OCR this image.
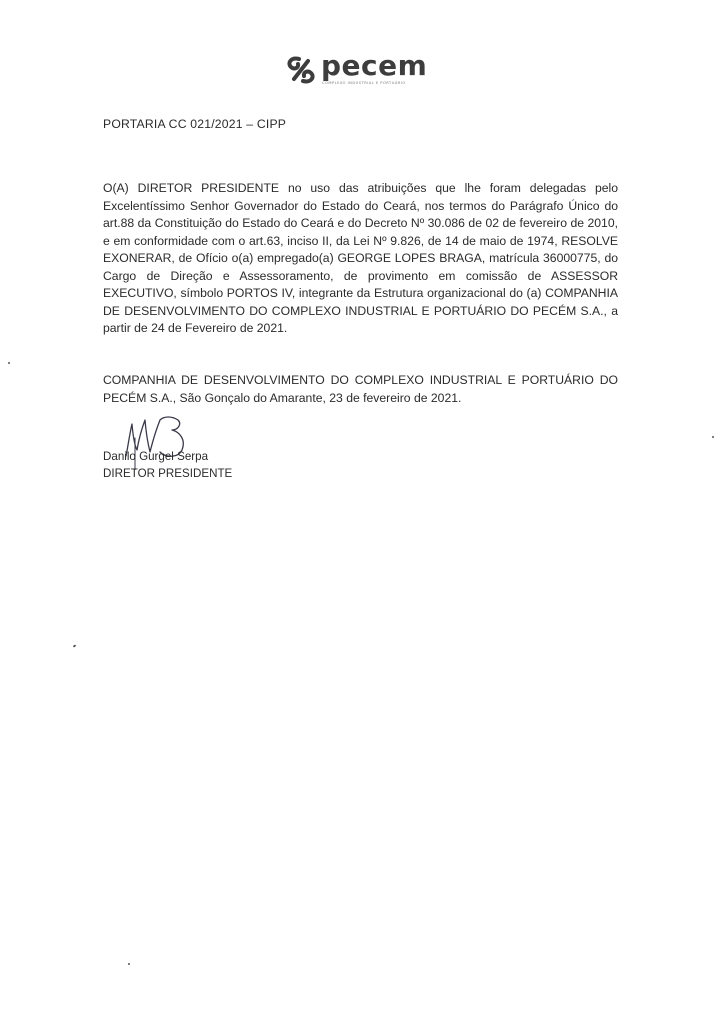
pecem
COMPLEXO INDUSTRIAL E PORTUÁRIO
PORTARIA CC 021/2021 – CIPP

O(A) DIRETOR PRESIDENTE no uso das atribuições que lhe foram delegadas pelo Excelentíssimo Senhor Governador do Estado do Ceará, nos termos do Parágrafo Único do art.88 da Constituição do Estado do Ceará e do Decreto Nº 30.086 de 02 de fevereiro de 2010, e em conformidade com o art.63, inciso II, da Lei Nº 9.826, de 14 de maio de 1974, RESOLVE EXONERAR, de Ofício o(a) empregado(a) GEORGE LOPES BRAGA, matrícula 36000775, do Cargo de Direção e Assessoramento, de provimento em comissão de ASSESSOR EXECUTIVO, símbolo PORTOS IV, integrante da Estrutura organizacional do (a) COMPANHIA DE DESENVOLVIMENTO DO COMPLEXO INDUSTRIAL E PORTUÁRIO DO PECÉM S.A., a partir de 24 de Fevereiro de 2021.

COMPANHIA DE DESENVOLVIMENTO DO COMPLEXO INDUSTRIAL E PORTUÁRIO DO PECÉM S.A., São Gonçalo do Amarante, 23 de fevereiro de 2021.

Danilo Gurgel Serpa
DIRETOR PRESIDENTE
